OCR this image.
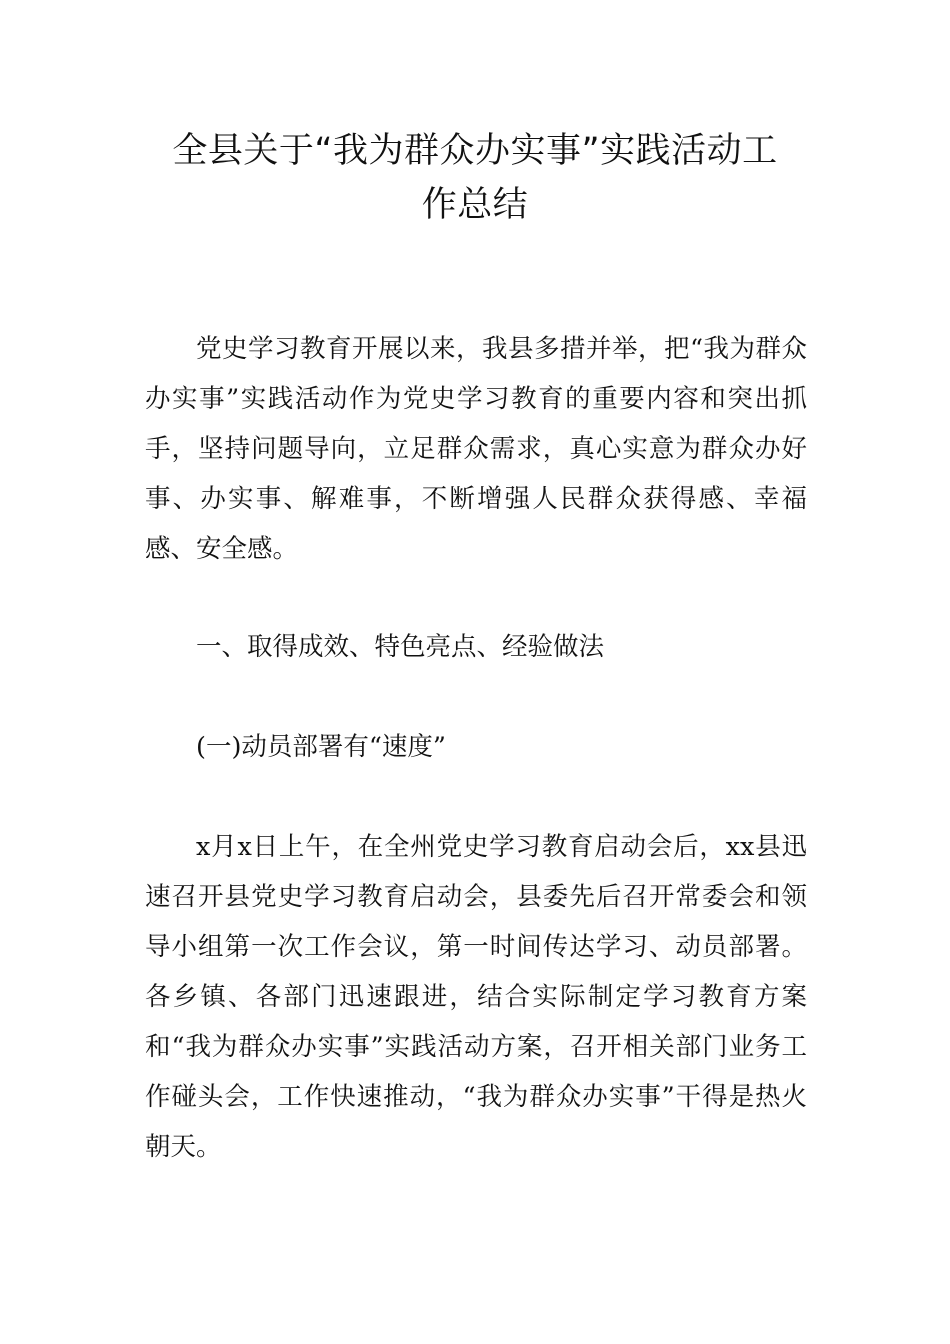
全县关于“我为群众办实事”实践活动工
作总结

党史学习教育开展以来，我县多措并举，把“我为群众办实事”实践活动作为党史学习教育的重要内容和突出抓手，坚持问题导向，立足群众需求，真心实意为群众办好事、办实事、解难事，不断增强人民群众获得感、幸福感、安全感。

一、取得成效、特色亮点、经验做法

(一)动员部署有“速度”

x月x日上午，在全州党史学习教育启动会后，xx县迅速召开县党史学习教育启动会，县委先后召开常委会和领导小组第一次工作会议，第一时间传达学习、动员部署。各乡镇、各部门迅速跟进，结合实际制定学习教育方案和“我为群众办实事”实践活动方案，召开相关部门业务工作碰头会，工作快速推动，“我为群众办实事”干得是热火朝天。
